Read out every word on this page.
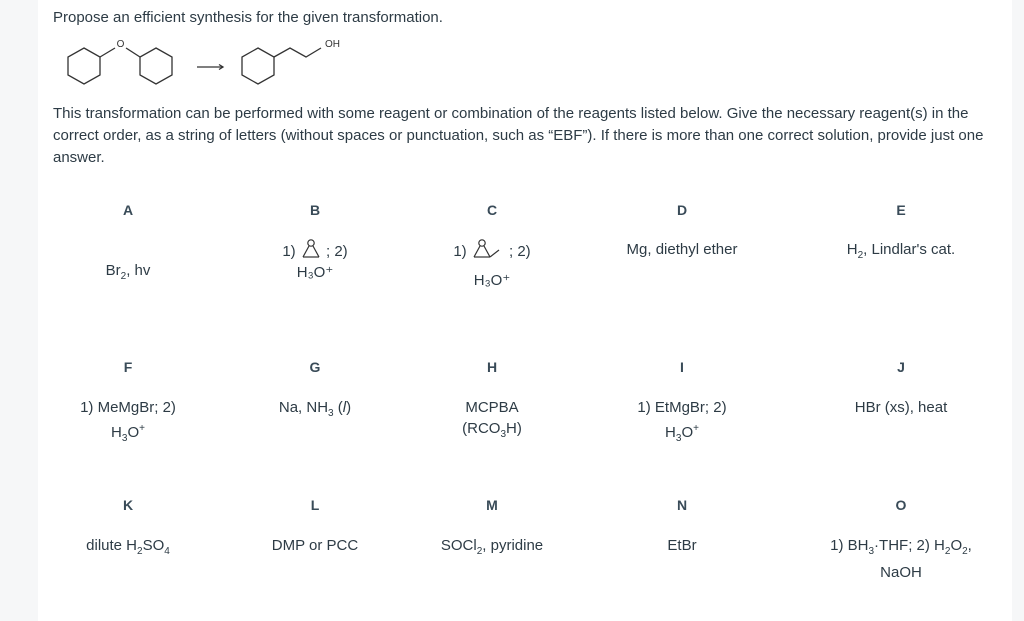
Propose an efficient synthesis for the given transformation.
O	OH
This transformation can be performed with some reagent or combination of the reagents listed below. Give the necessary reagent(s) in the correct order, as a string of letters (without spaces or punctuation, such as “EBF”). If there is more than one correct solution, provide just one answer.
A
$Br_2$, hv
B
1) ; 2)
H₃O⁺
C
1)	; 2)
H₃O⁺
D
Mg, diethyl ether
E
$H_2$, Lindlar's cat.
F
1) MeMgBr; 2)
$H_3O^+$
G
Na, $NH_3$ (l)
H
MCPBA
$(RCO_3H)$
I
1) EtMgBr; 2)
$H_3O^+$
J
HBr (xs), heat
K
dilute $H_2SO_4$
L
DMP or PCC
M
SOCl$_2$, pyridine
N
EtBr
O
1) $BH_3\cdot THF$; 2) $H_2O_2$,
NaOH
